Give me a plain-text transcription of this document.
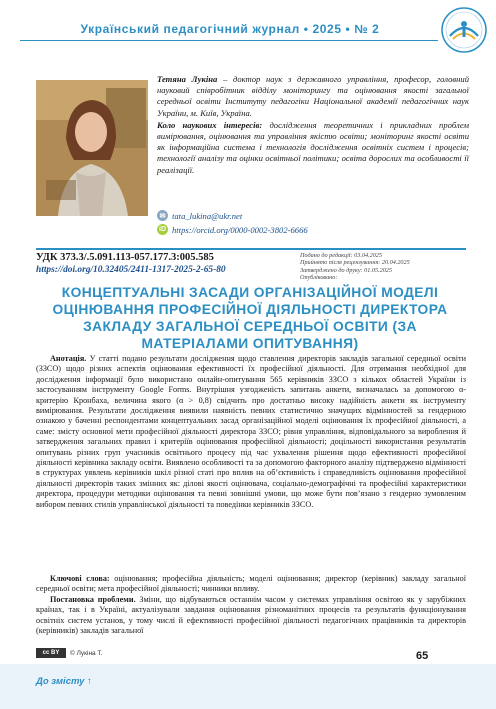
Український педагогічний журнал • 2025 • № 2
Тетяна Лукіна – доктор наук з державного управління, професор, головний науковий співробітник відділу моніторингу та оцінювання якості загальної середньої освіти Інституту педагогіки Національної академії педагогічних наук України, м. Київ, Україна.
Коло наукових інтересів: дослідження теоретичних і прикладних проблем вимірювання, оцінювання та управління якістю освіти; моніторинг якості освіти як інформаційна система і технологія дослідження освітніх систем і процесів; технології аналізу та оцінки освітньої політики; освіта дорослих та особливості її реалізації.
✉ tata_lukina@ukr.net
iD https://orcid.org/0000-0002-3802-6666
УДК 373.3/.5.091.113-057.177.3:005.585
https://doi.org/10.32405/2411-1317-2025-2-65-80
Подано до редакції: 03.04.2025
Прийнято після рецензування: 20.04.2025
Затверджено до друку: 01.05.2025
Опубліковано:
КОНЦЕПТУАЛЬНІ ЗАСАДИ ОРГАНІЗАЦІЙНОЇ МОДЕЛІ ОЦІНЮВАННЯ ПРОФЕСІЙНОЇ ДІЯЛЬНОСТІ ДИРЕКТОРА ЗАКЛАДУ ЗАГАЛЬНОЇ СЕРЕДНЬОЇ ОСВІТИ (ЗА МАТЕРІАЛАМИ ОПИТУВАННЯ)

Анотація. У статті подано результати дослідження щодо ставлення директорів закладів загальної середньої освіти (ЗЗСО) щодо різних аспектів оцінювання ефективності їх професійної діяльності. Для отримання необхідної для дослідження інформації було використано онлайн-опитування 565 керівників ЗЗСО з кількох областей України із застосуванням інструменту Google Forms. Внутрішня узгодженість запитань анкети, визначалась за допомогою α-критерію Кронбаха, величина якого (α > 0,8) свідчить про достатньо високу надійність анкети як інструменту вимірювання. Результати дослідження виявили наявність певних статистично значущих відмінностей за гендерною ознакою у баченні респондентами концептуальних засад організаційної моделі оцінювання їх професійної діяльності, а саме: змісту основної мети професійної діяльності директора ЗЗСО; рівня управління, відповідального за вироблення й затвердження загальних правил і критеріїв оцінювання професійної діяльності; доцільності використання результатів опитувань різних груп учасників освітнього процесу під час ухвалення рішення щодо ефективності професійної діяльності керівника закладу освіти. Виявлено особливості та за допомогою факторного аналізу підтверджено відмінності в структурах уявлень керівників шкіл різної статі про вплив на об’єктивність і справедливість оцінювання професійної діяльності директорів таких змінних як: ділові якості оцінювача, соціально-демографічні та професійні характеристики директора, процедури методики оцінювання та певні зовнішні умови, що може бути пов’язано з гендерно зумовленим вибором певних стилів управлінської діяльності та поведінки керівників ЗЗСО.

Ключові слова: оцінювання; професійна діяльність; моделі оцінювання; директор (керівник) закладу загальної середньої освіти; мета професійної діяльності; чинники впливу.

Постановка проблеми. Зміни, що відбуваються останнім часом у системах управління освітою як у зарубіжних країнах, так і в Україні, актуалізували завдання оцінювання різноманітних процесів та результатів функціонування освітніх систем установ, у тому числі й ефективності професійної діяльності педагогічних працівників та директорів (керівників) закладів загальної

cc BY	© Лукіна Т.	65
До змісту ↑
